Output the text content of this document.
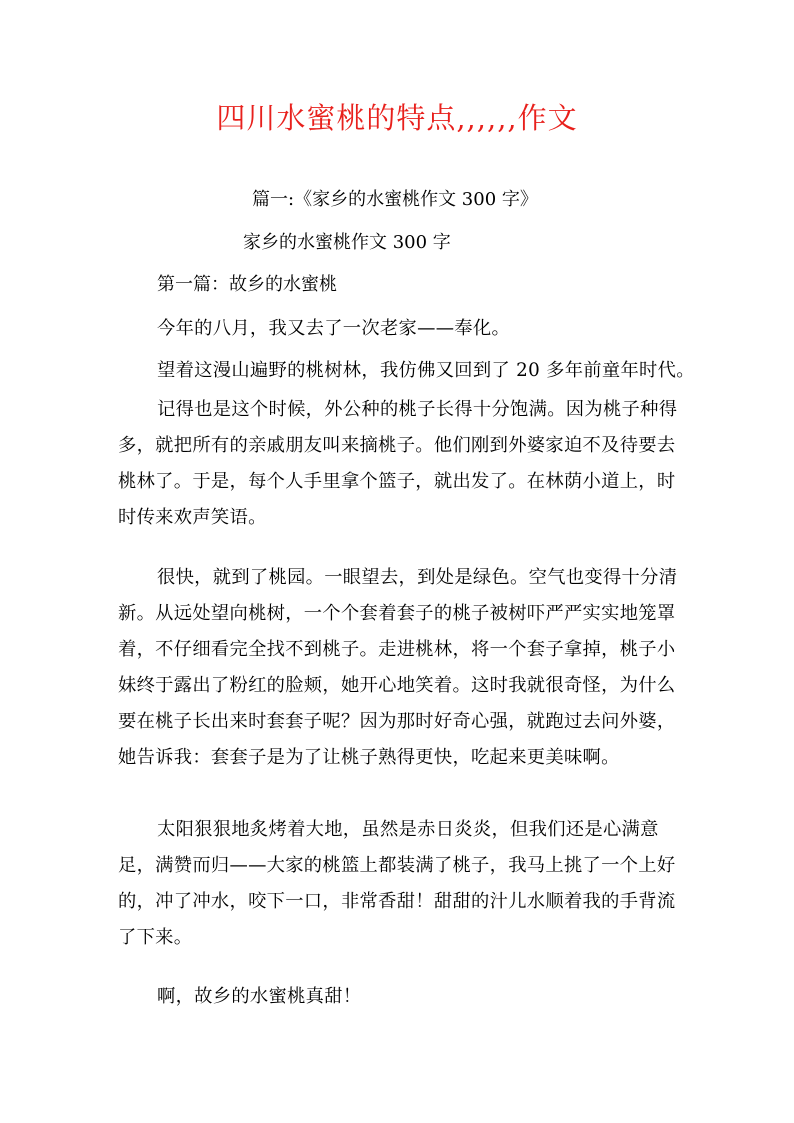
四川水蜜桃的特点,,,,,,作文
篇一:《家乡的水蜜桃作文 300 字》
家乡的水蜜桃作文 300 字
第一篇：故乡的水蜜桃

今年的八月，我又去了一次老家——奉化。

望着这漫山遍野的桃树林，我仿佛又回到了 20 多年前童年时代。

记得也是这个时候，外公种的桃子长得十分饱满。因为桃子种得多，就把所有的亲戚朋友叫来摘桃子。他们刚到外婆家迫不及待要去桃林了。于是，每个人手里拿个篮子，就出发了。在林荫小道上，时时传来欢声笑语。

很快，就到了桃园。一眼望去，到处是绿色。空气也变得十分清新。从远处望向桃树，一个个套着套子的桃子被树吓严严实实地笼罩着，不仔细看完全找不到桃子。走进桃林，将一个套子拿掉，桃子小妹终于露出了粉红的脸颊，她开心地笑着。这时我就很奇怪，为什么要在桃子长出来时套套子呢？因为那时好奇心强，就跑过去问外婆，她告诉我：套套子是为了让桃子熟得更快，吃起来更美味啊。

太阳狠狠地炙烤着大地，虽然是赤日炎炎，但我们还是心满意足，满赞而归——大家的桃篮上都装满了桃子，我马上挑了一个上好的，冲了冲水，咬下一口，非常香甜！甜甜的汁儿水顺着我的手背流了下来。

啊，故乡的水蜜桃真甜！
